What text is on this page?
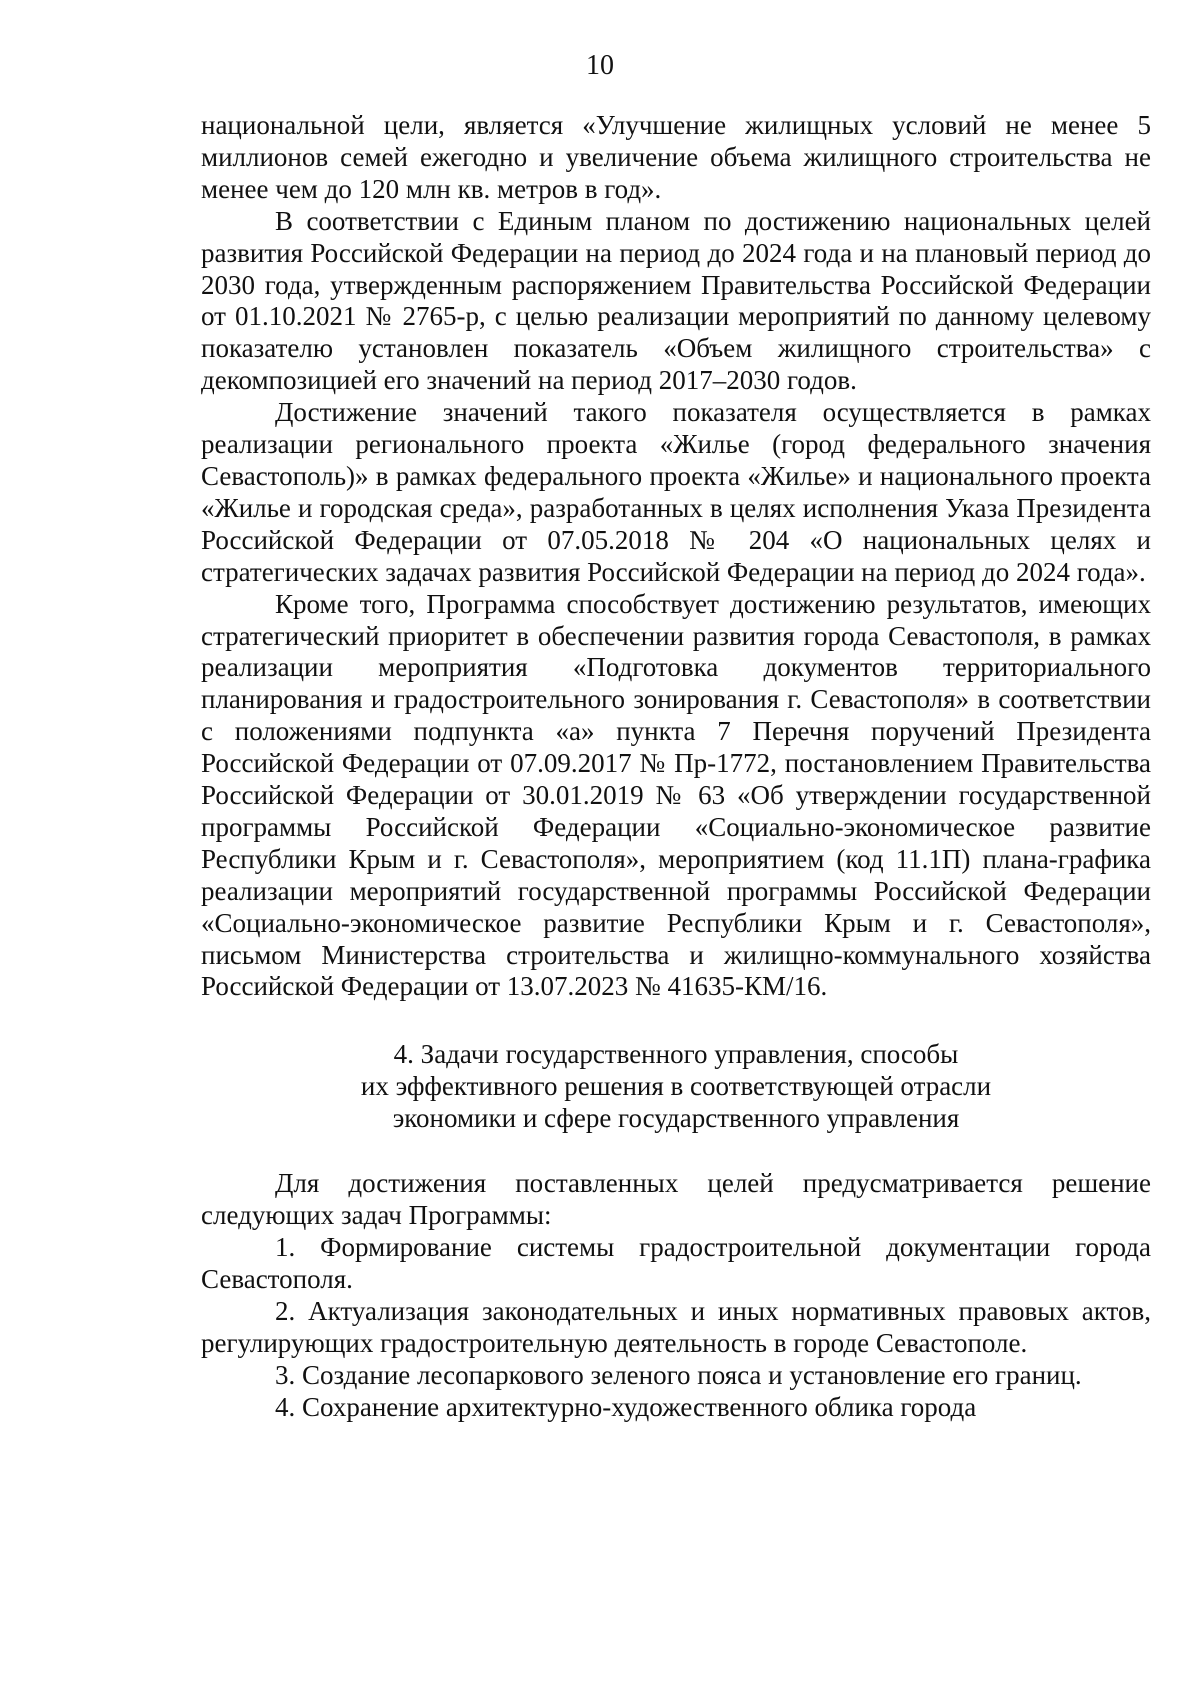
10

национальной цели, является «Улучшение жилищных условий не менее 5 миллионов семей ежегодно и увеличение объема жилищного строительства не менее чем до 120 млн кв. метров в год».

В соответствии с Единым планом по достижению национальных целей развития Российской Федерации на период до 2024 года и на плановый период до 2030 года, утвержденным распоряжением Правительства Российской Федерации от 01.10.2021 № 2765-р, с целью реализации мероприятий по данному целевому показателю установлен показатель «Объем жилищного строительства» с декомпозицией его значений на период 2017–2030 годов.

Достижение значений такого показателя осуществляется в рамках реализации регионального проекта «Жилье (город федерального значения Севастополь)» в рамках федерального проекта «Жилье» и национального проекта «Жилье и городская среда», разработанных в целях исполнения Указа Президента Российской Федерации от 07.05.2018 № 204 «О национальных целях и стратегических задачах развития Российской Федерации на период до 2024 года».

Кроме того, Программа способствует достижению результатов, имеющих стратегический приоритет в обеспечении развития города Севастополя, в рамках реализации мероприятия «Подготовка документов территориального планирования и градостроительного зонирования г. Севастополя» в соответствии с положениями подпункта «а» пункта 7 Перечня поручений Президента Российской Федерации от 07.09.2017 № Пр-1772, постановлением Правительства Российской Федерации от 30.01.2019 № 63 «Об утверждении государственной программы Российской Федерации «Социально-экономическое развитие Республики Крым и г. Севастополя», мероприятием (код 11.1П) плана-графика реализации мероприятий государственной программы Российской Федерации «Социально-экономическое развитие Республики Крым и г. Севастополя», письмом Министерства строительства и жилищно-коммунального хозяйства Российской Федерации от 13.07.2023 № 41635-КМ/16.

4. Задачи государственного управления, способы
их эффективного решения в соответствующей отрасли
экономики и сфере государственного управления

Для достижения поставленных целей предусматривается решение следующих задач Программы:

1. Формирование системы градостроительной документации города Севастополя.

2. Актуализация законодательных и иных нормативных правовых актов, регулирующих градостроительную деятельность в городе Севастополе.

3. Создание лесопаркового зеленого пояса и установление его границ.

4. Сохранение архитектурно-художественного облика города
